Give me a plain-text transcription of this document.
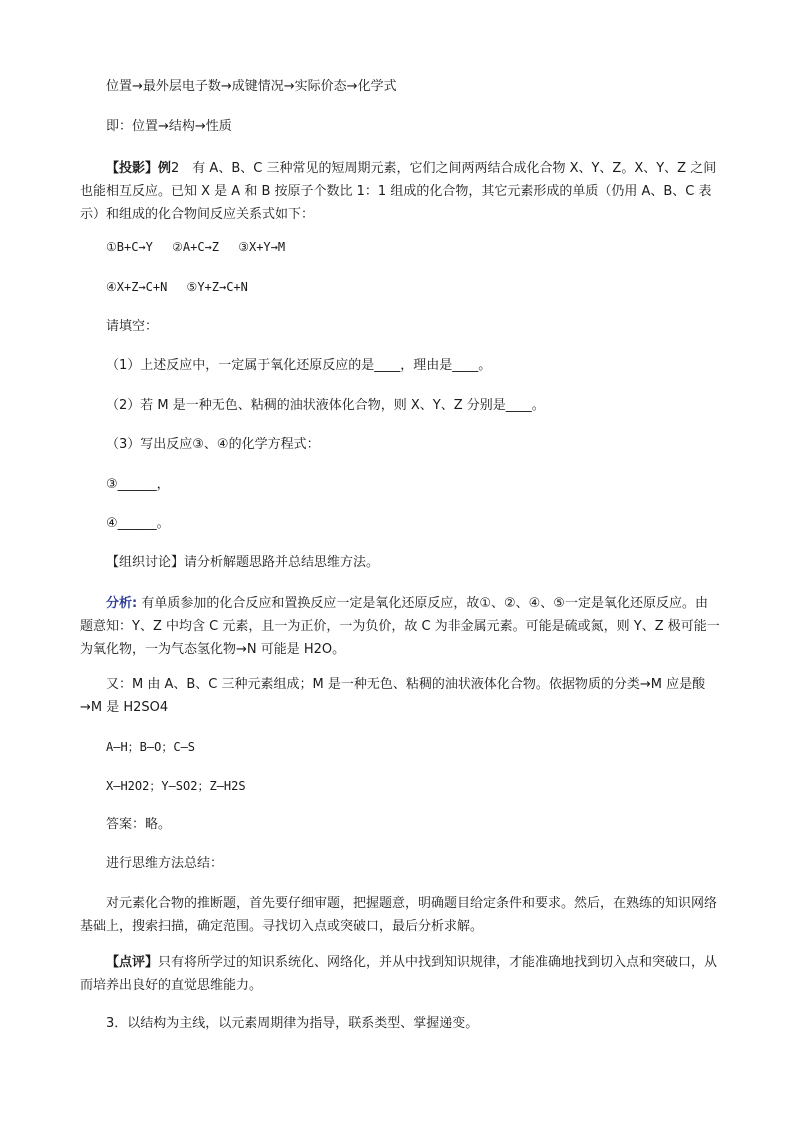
位置→最外层电子数→成键情况→实际价态→化学式
即：位置→结构→性质
【投影】例2　有 A、B、C 三种常见的短周期元素，它们之间两两结合成化合物 X、Y、Z。X、Y、Z 之间也能相互反应。已知 X 是 A 和 B 按原子个数比 1：1 组成的化合物，其它元素形成的单质（仍用 A、B、C 表示）和组成的化合物间反应关系式如下：
①B+C→Y　 ②A+C→Z　 ③X+Y→M
④X+Z→C+N　 ⑤Y+Z→C+N
请填空：
（1）上述反应中，一定属于氧化还原反应的是____，理由是____。
（2）若 M 是一种无色、粘稠的油状液体化合物，则 X、Y、Z 分别是____。
（3）写出反应③、④的化学方程式：
③______，
④______。
【组织讨论】请分析解题思路并总结思维方法。
分析: 有单质参加的化合反应和置换反应一定是氧化还原反应，故①、②、④、⑤一定是氧化还原反应。由题意知：Y、Z 中均含 C 元素，且一为正价，一为负价，故 C 为非金属元素。可能是硫或氮，则 Y、Z 极可能一为氧化物，一为气态氢化物→N 可能是 H2O。
又：M 由 A、B、C 三种元素组成；M 是一种无色、粘稠的油状液体化合物。依据物质的分类→M 应是酸→M 是 H2SO4
A—H；B—O；C—S
X—H2O2；Y—SO2；Z—H2S
答案：略。
进行思维方法总结：
对元素化合物的推断题，首先要仔细审题，把握题意，明确题目给定条件和要求。然后，在熟练的知识网络基础上，搜索扫描，确定范围。寻找切入点或突破口，最后分析求解。
【点评】只有将所学过的知识系统化、网络化，并从中找到知识规律，才能准确地找到切入点和突破口，从而培养出良好的直觉思维能力。
3．以结构为主线，以元素周期律为指导，联系类型、掌握递变。
